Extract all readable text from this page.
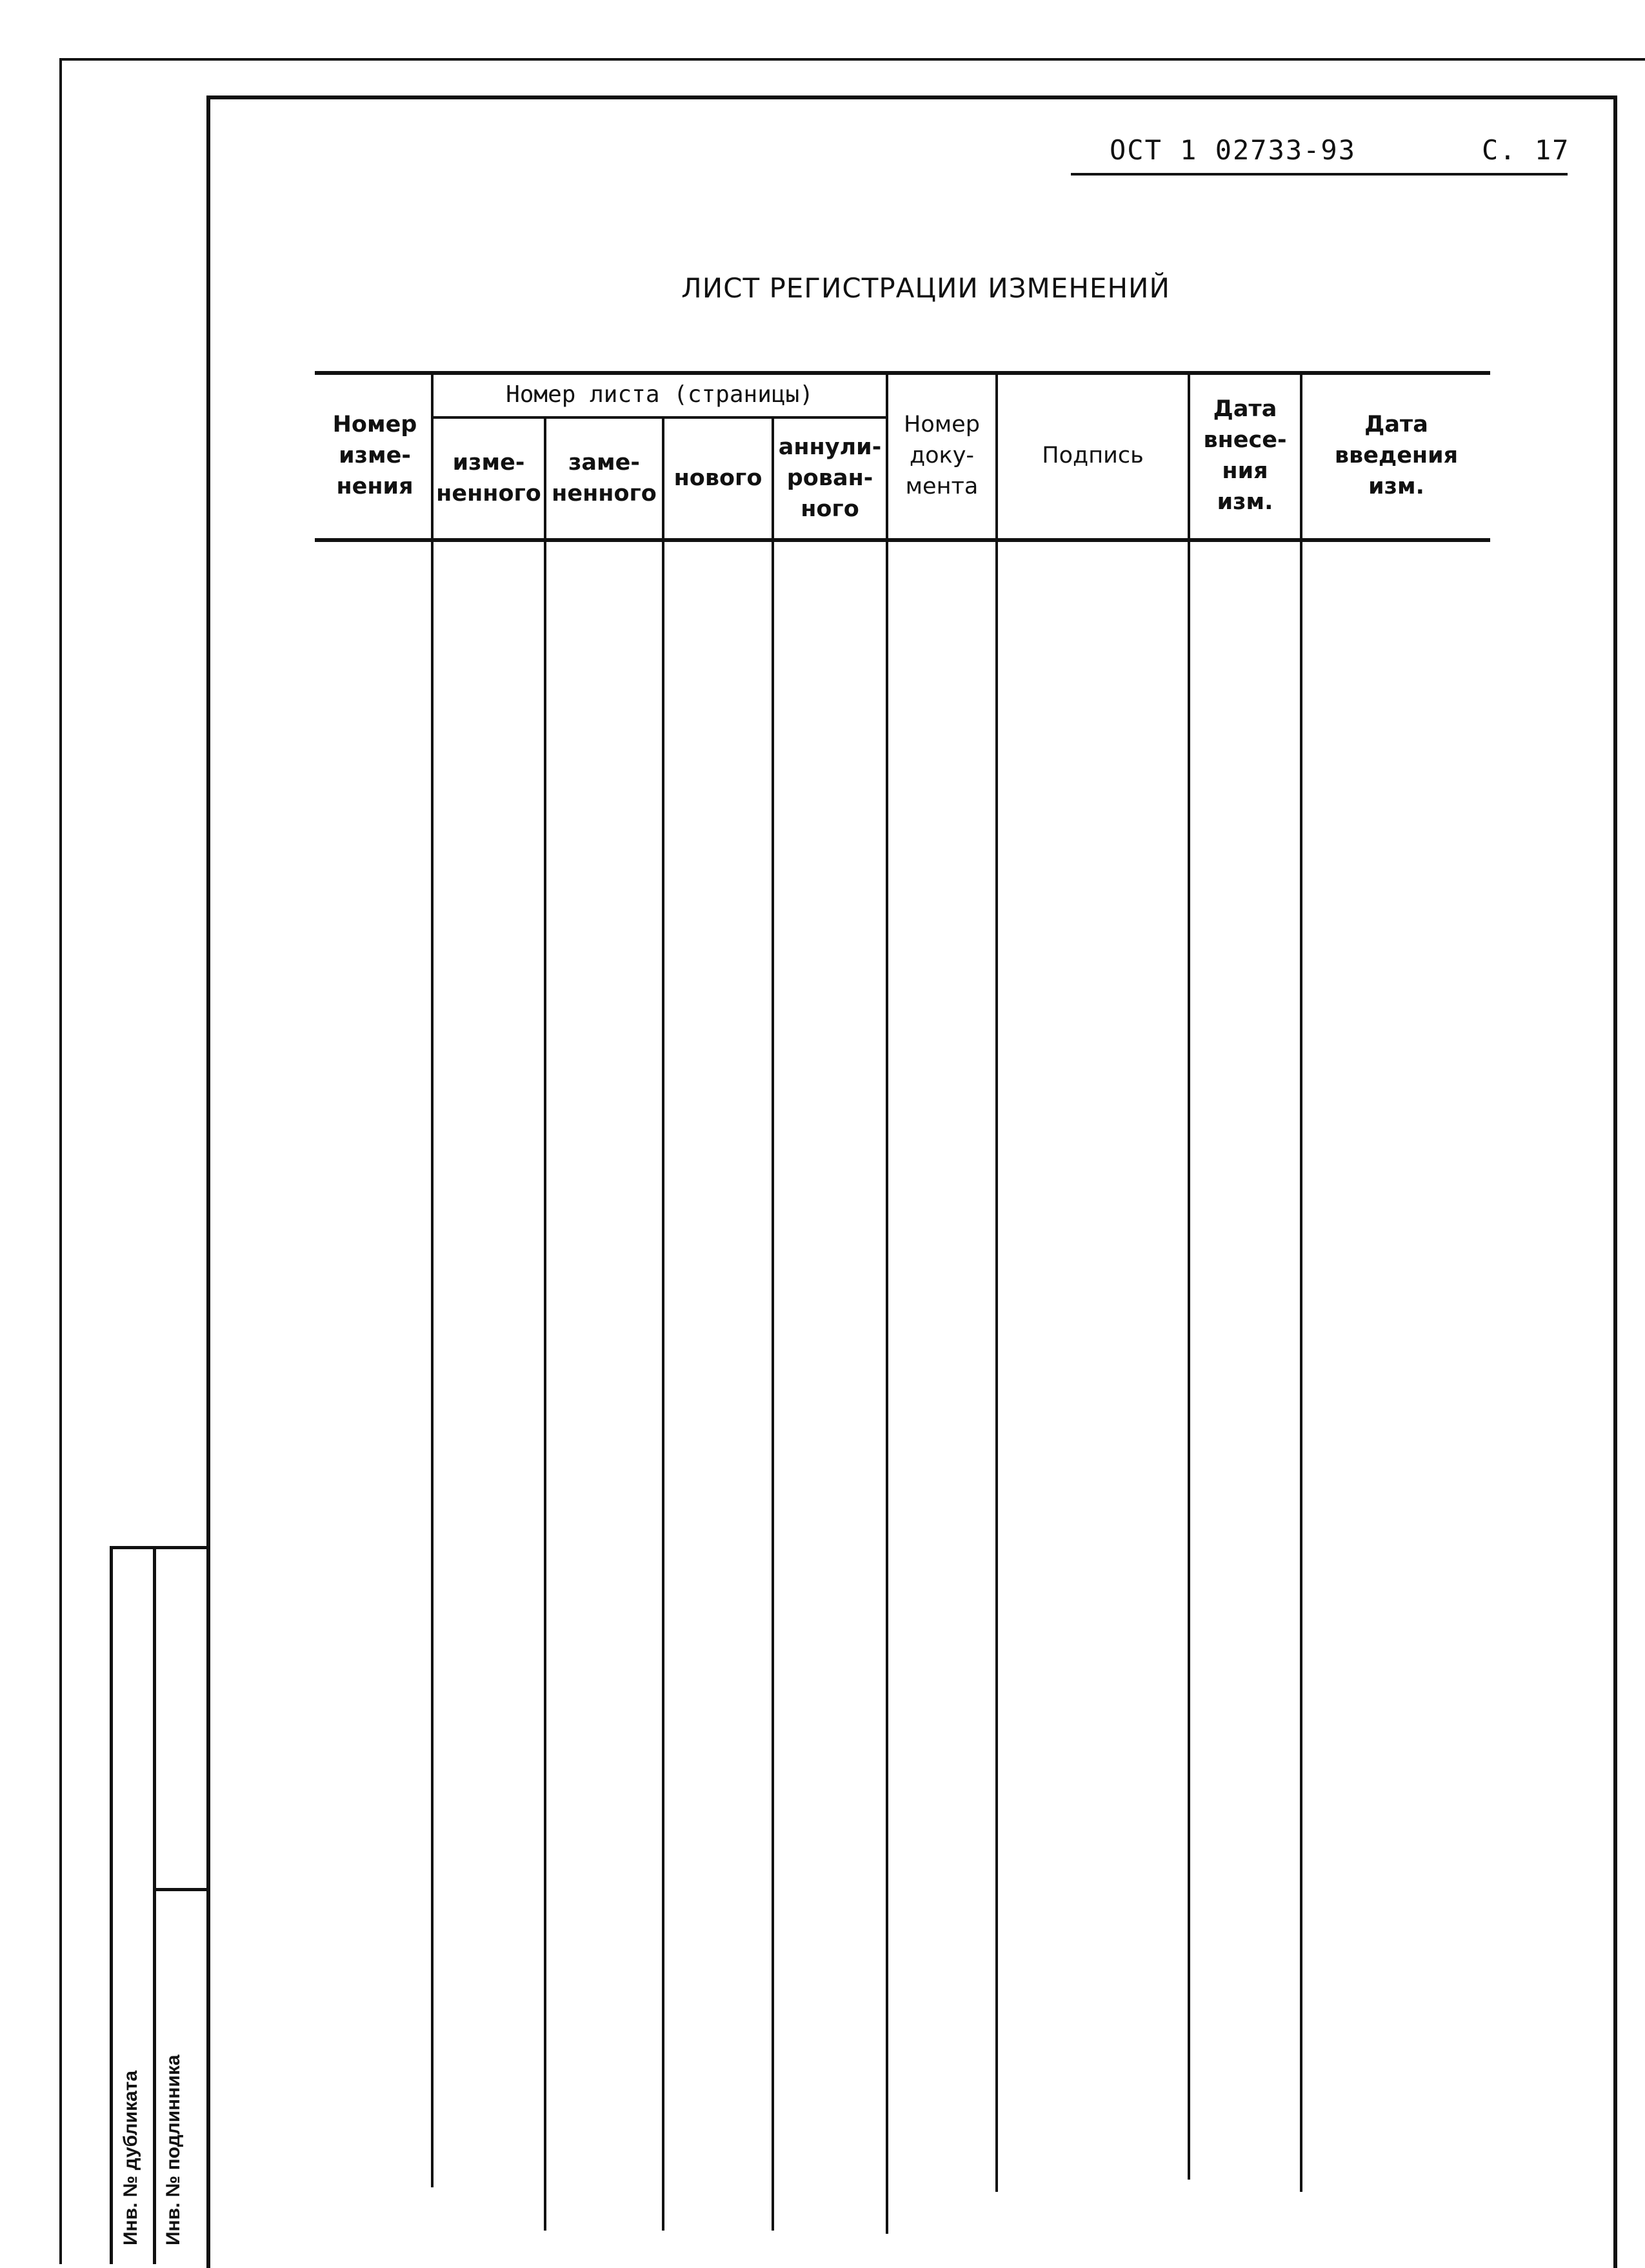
ОСТ 1 02733-93	С. 17
ЛИСТ РЕГИСТРАЦИИ ИЗМЕНЕНИЙ
Номер
изме-
нения
Номер листа (страницы)
изме-
ненного
заме-
ненного
нового
аннули-
рован-
ного
Номер
доку-
мента
Подпись
Дата
внесе-
ния
изм.
Дата
введения
изм.
Инв. № дубликата Инв. № подлинника
